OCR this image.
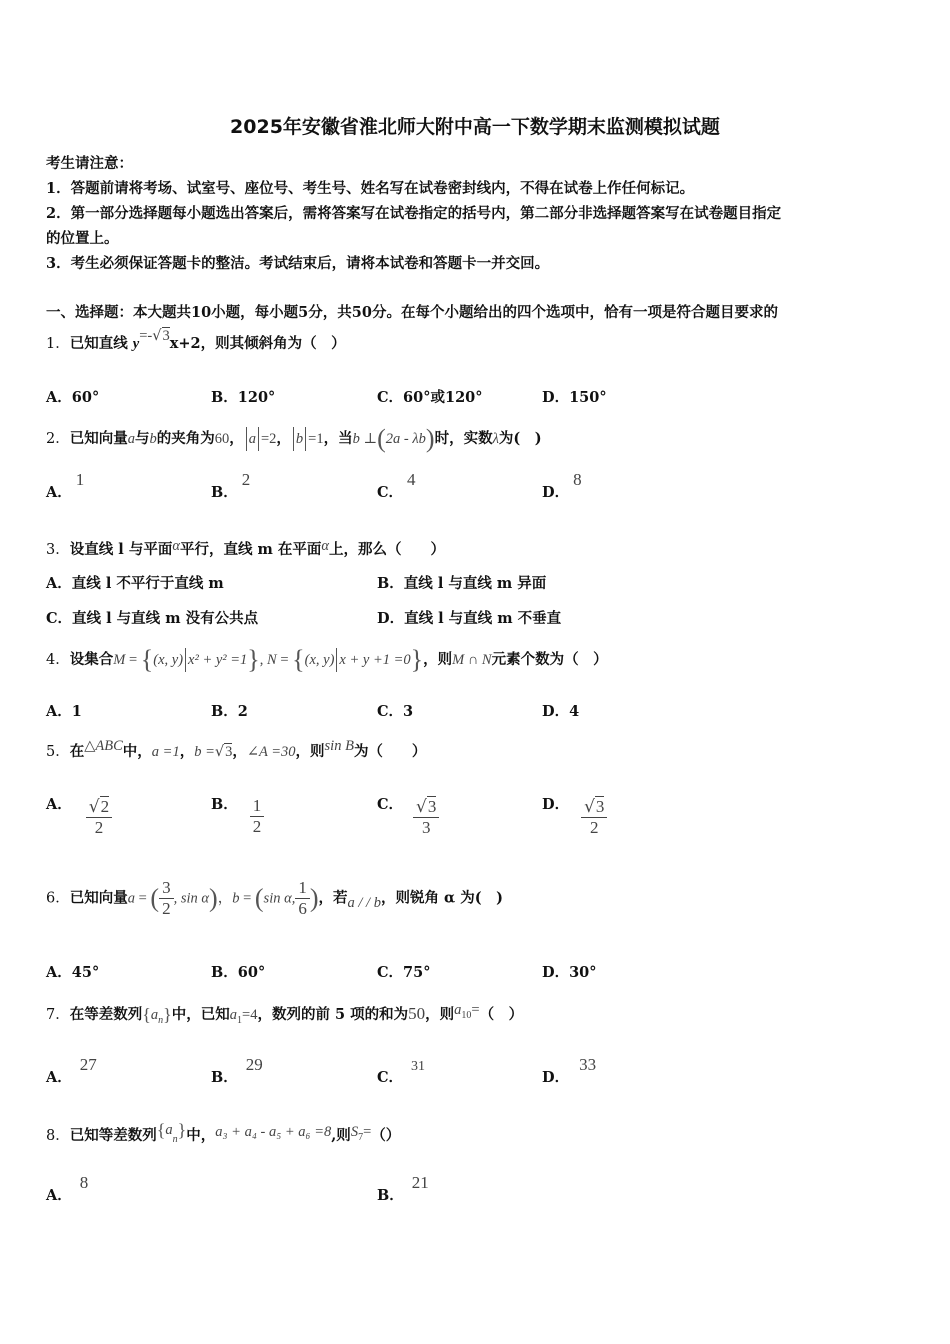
2025年安徽省淮北师大附中高一下数学期末监测模拟试题
考生请注意：
1．答题前请将考场、试室号、座位号、考生号、姓名写在试卷密封线内，不得在试卷上作任何标记。
2．第一部分选择题每小题选出答案后，需将答案写在试卷指定的括号内，第二部分非选择题答案写在试卷题目指定
的位置上。
3．考生必须保证答题卡的整洁。考试结束后，请将本试卷和答题卡一并交回。
一、选择题：本大题共10小题，每小题5分，共50分。在每个小题给出的四个选项中，恰有一项是符合题目要求的
1．已知直线 y=-√3x+2，则其倾斜角为（　）
A．60°	B．120°	C．60°或120°	D．150°
2．已知向量a与b的夹角为60， a =2， b =1，当b ⊥(2a - λb)时，实数λ为(　)
A．1
B．2
C．4
D．8
3．设直线 l 与平面α平行，直线 m 在平面α上，那么（　　）
A．直线 l 不平行于直线 m	B．直线 l 与直线 m 异面
C．直线 l 与直线 m 没有公共点	D．直线 l 与直线 m 不垂直
4．设集合M = {(x, y) x² + y² =1}, N = {(x, y) x + y +1 =0}，则M ∩ N元素个数为（　）
A．1	B．2	C．3	D．4
5．在△ABC中，a =1，b =√3，∠A =30，则sin B为（　　）
A． $\frac{√2}{2}$	B． $\frac{1}{2}$	C． $\frac{√3}{3}$	D． $\frac{√3}{2}$
6．已知向量a = ( $\frac{3}{2}$ , sin α)，b = (sin α, $\frac{1}{6}$ )，若a / / b，则锐角 α 为(　)
A．45°	B．60°	C．75°	D．30°
7．在等差数列$\{a_n\}$中，已知$a_1=4$，数列的前 5 项的和为50，则$a_{10}=$（　）
A．27
B．29
C．31
D．33
8．已知等差数列$\{a_n\}$中，a₃ + a₄ - a₅ + a₆ =8,则$S_7=()$
A．8
B．21
